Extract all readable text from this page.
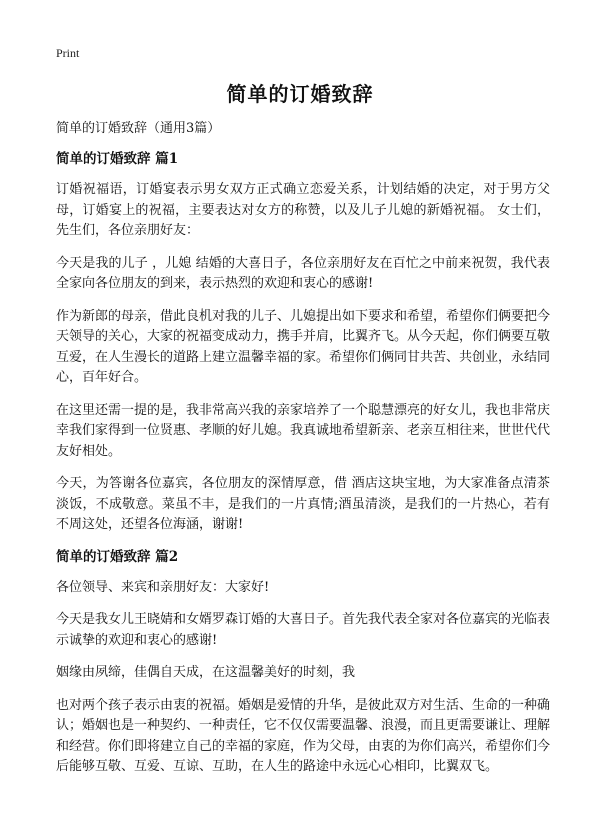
Print
简单的订婚致辞
简单的订婚致辞（通用3篇）
简单的订婚致辞 篇1

订婚祝福语，订婚宴表示男女双方正式确立恋爱关系，计划结婚的决定，对于男方父母，订婚宴上的祝福，主要表达对女方的称赞，以及儿子儿媳的新婚祝福。 女士们，先生们，各位亲朋好友：

今天是我的儿子 ，儿媳 结婚的大喜日子，各位亲朋好友在百忙之中前来祝贺，我代表全家向各位朋友的到来，表示热烈的欢迎和衷心的感谢!

作为新郎的母亲，借此良机对我的儿子、儿媳提出如下要求和希望，希望你们俩要把今天领导的关心，大家的祝福变成动力，携手并肩，比翼齐飞。从今天起，你们俩要互敬互爱，在人生漫长的道路上建立温馨幸福的家。希望你们俩同甘共苦、共创业，永结同心，百年好合。

在这里还需一提的是，我非常高兴我的亲家培养了一个聪慧漂亮的好女儿，我也非常庆幸我们家得到一位贤惠、孝顺的好儿媳。我真诚地希望新亲、老亲互相往来，世世代代友好相处。

今天，为答谢各位嘉宾，各位朋友的深情厚意，借 酒店这块宝地，为大家准备点清茶淡饭，不成敬意。菜虽不丰，是我们的一片真情;酒虽清淡，是我们的一片热心，若有不周这处，还望各位海涵，谢谢!

简单的订婚致辞 篇2

各位领导、来宾和亲朋好友：大家好!

今天是我女儿王晓婧和女婿罗森订婚的大喜日子。首先我代表全家对各位嘉宾的光临表示诚挚的欢迎和衷心的感谢!

姻缘由夙缔，佳偶自天成，在这温馨美好的时刻，我

也对两个孩子表示由衷的祝福。婚姻是爱情的升华，是彼此双方对生活、生命的一种确认；婚姻也是一种契约、一种责任，它不仅仅需要温馨、浪漫，而且更需要谦让、理解和经营。你们即将建立自己的幸福的家庭，作为父母，由衷的为你们高兴，希望你们今后能够互敬、互爱、互谅、互助，在人生的路途中永远心心相印，比翼双飞。
